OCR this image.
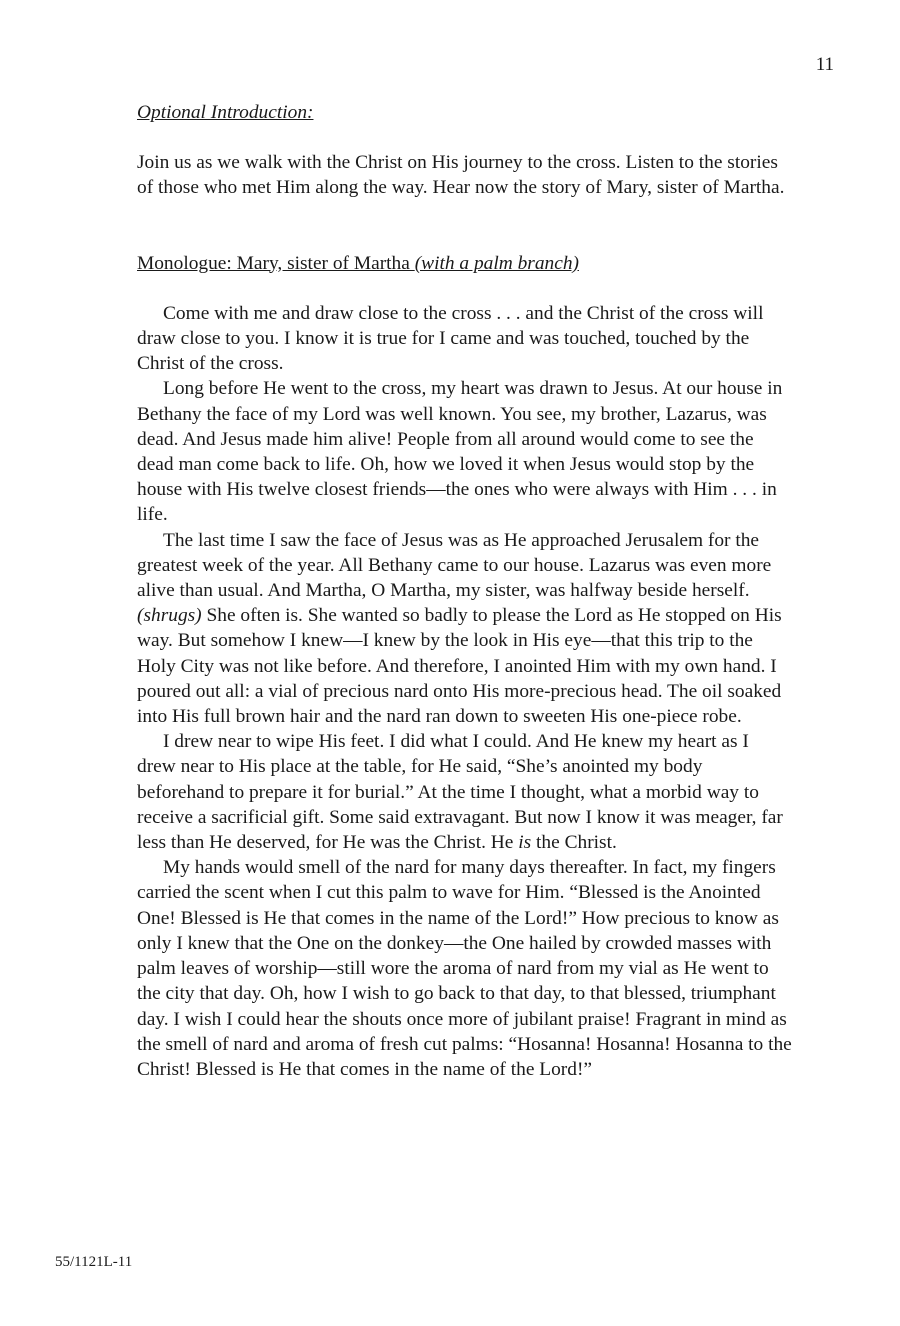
11

Optional Introduction:

Join us as we walk with the Christ on His journey to the cross. Listen to the stories of those who met Him along the way. Hear now the story of Mary, sister of Martha.

Monologue: Mary, sister of Martha (with a palm branch)

Come with me and draw close to the cross . . . and the Christ of the cross will draw close to you. I know it is true for I came and was touched, touched by the Christ of the cross.

Long before He went to the cross, my heart was drawn to Jesus. At our house in Bethany the face of my Lord was well known. You see, my brother, Lazarus, was dead. And Jesus made him alive! People from all around would come to see the dead man come back to life. Oh, how we loved it when Jesus would stop by the house with His twelve closest friends—the ones who were always with Him . . . in life.

The last time I saw the face of Jesus was as He approached Jerusalem for the greatest week of the year. All Bethany came to our house. Lazarus was even more alive than usual. And Martha, O Martha, my sister, was halfway beside herself. (shrugs) She often is. She wanted so badly to please the Lord as He stopped on His way. But somehow I knew—I knew by the look in His eye—that this trip to the Holy City was not like before. And therefore, I anointed Him with my own hand. I poured out all: a vial of precious nard onto His more-precious head. The oil soaked into His full brown hair and the nard ran down to sweeten His one-piece robe.

I drew near to wipe His feet. I did what I could. And He knew my heart as I drew near to His place at the table, for He said, “She’s anointed my body beforehand to prepare it for burial.” At the time I thought, what a morbid way to receive a sacrificial gift. Some said extravagant. But now I know it was meager, far less than He deserved, for He was the Christ. He is the Christ.

My hands would smell of the nard for many days thereafter. In fact, my fingers carried the scent when I cut this palm to wave for Him. “Blessed is the Anointed One! Blessed is He that comes in the name of the Lord!” How precious to know as only I knew that the One on the donkey—the One hailed by crowded masses with palm leaves of worship—still wore the aroma of nard from my vial as He went to the city that day. Oh, how I wish to go back to that day, to that blessed, triumphant day. I wish I could hear the shouts once more of jubilant praise! Fragrant in mind as the smell of nard and aroma of fresh cut palms: “Hosanna! Hosanna! Hosanna to the Christ! Blessed is He that comes in the name of the Lord!”

55/1121L-11
